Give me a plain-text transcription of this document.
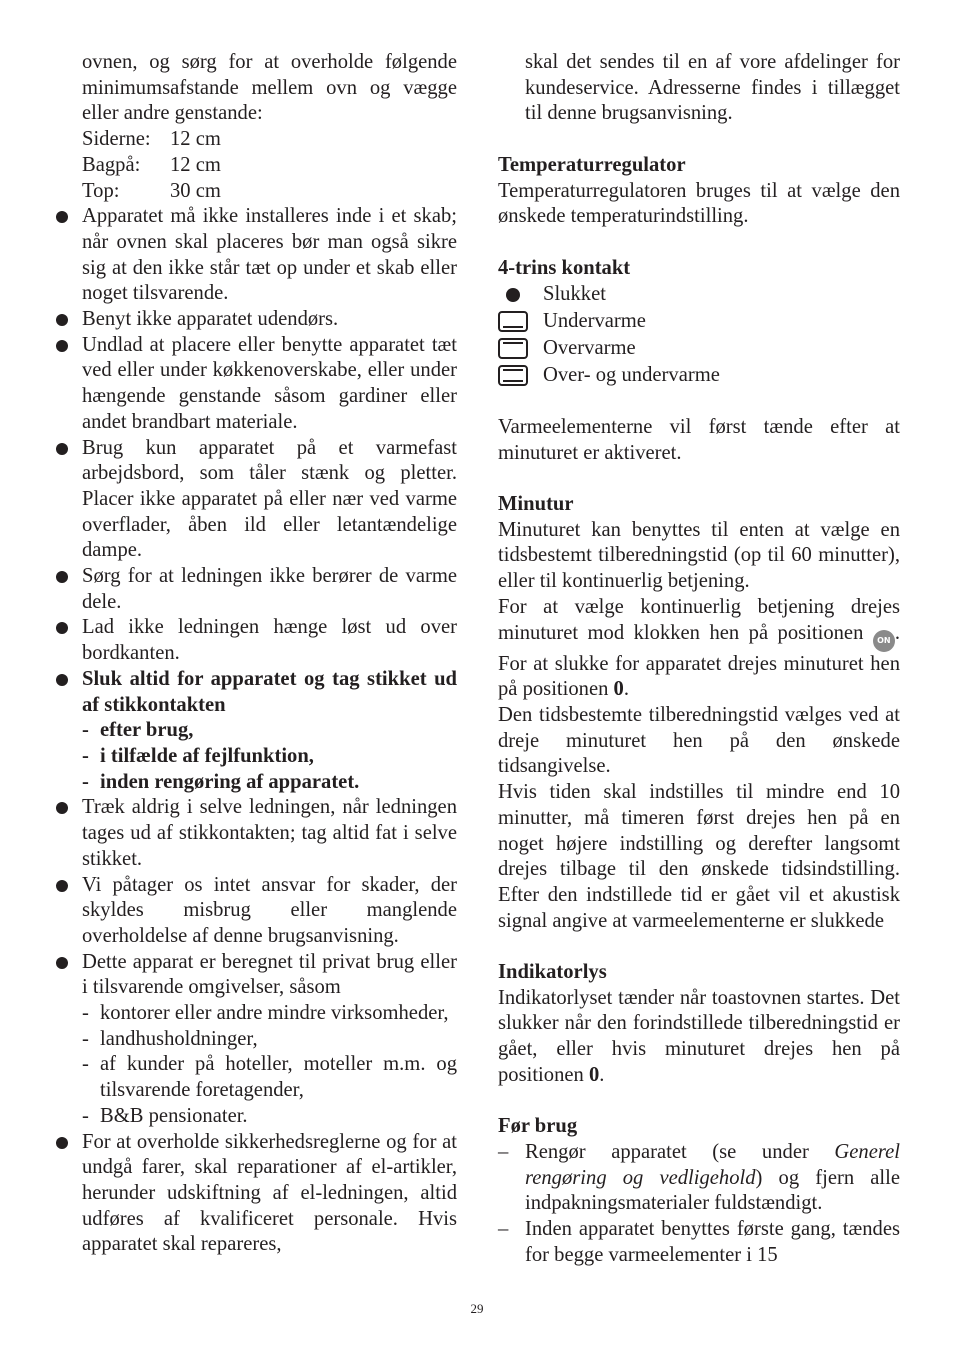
ovnen, og sørg for at overholde følgende minimumsafstande mellem ovn og vægge eller andre genstande:

Siderne: 12 cm
Bagpå:	12 cm
Top:	30 cm
Apparatet må ikke installeres inde i et skab; når ovnen skal placeres bør man også sikre sig at den ikke står tæt op under et skab eller noget tilsvarende.
Benyt ikke apparatet udendørs.
Undlad at placere eller benytte apparatet tæt ved eller under køkkenoverskabe, eller under hængende genstande såsom gardiner eller andet brandbart materiale.
Brug kun apparatet på et varmefast arbejdsbord, som tåler stænk og pletter. Placer ikke apparatet på eller nær ved varme overflader, åben ild eller letantændelige dampe.
Sørg for at ledningen ikke berører de varme dele.
Lad ikke ledningen hænge løst ud over bordkanten.
Sluk altid for apparatet og tag stikket ud af stikkontakten
- efter brug,
- i tilfælde af fejlfunktion,
- inden rengøring af apparatet.
Træk aldrig i selve ledningen, når ledningen tages ud af stikkontakten; tag altid fat i selve stikket.
Vi påtager os intet ansvar for skader, der skyldes misbrug eller manglende overholdelse af denne brugsanvisning.
Dette apparat er beregnet til privat brug eller i tilsvarende omgivelser, såsom
- kontorer eller andre mindre virksomheder,
- landhusholdninger,
- af kunder på hoteller, moteller m.m. og tilsvarende foretagender,
- B&B pensionater.
For at overholde sikkerhedsreglerne og for at undgå farer, skal reparationer af el-artikler, herunder udskiftning af el-ledningen, altid udføres af kvalificeret personale. Hvis apparatet skal repareres,

skal det sendes til en af vore afdelinger for kundeservice. Adresserne findes i tillægget til denne brugsanvisning.

Temperaturregulator

Temperaturregulatoren bruges til at vælge den ønskede temperaturindstilling.

4-trins kontakt

Slukket
Undervarme
Overvarme
Over- og undervarme

Varmeelementerne vil først tænde efter at minuturet er aktiveret.

Minutur

Minuturet kan benyttes til enten at vælge en tidsbestemt tilberedningstid (op til 60 minutter), eller til kontinuerlig betjening.

For at vælge kontinuerlig betjening drejes minuturet mod klokken hen på positionen ON . For at slukke for apparatet drejes minuturet hen på positionen 0.

Den tidsbestemte tilberedningstid vælges ved at dreje minuturet hen på den ønskede tidsangivelse.

Hvis tiden skal indstilles til mindre end 10 minutter, må timeren først drejes hen på en noget højere indstilling og derefter langsomt drejes tilbage til den ønskede tidsindstilling. Efter den indstillede tid er gået vil et akustisk signal angive at varmeelementerne er slukkede

Indikatorlys

Indikatorlyset tænder når toastovnen startes. Det slukker når den forindstillede tilberedningstid er gået, eller hvis minuturet drejes hen på positionen 0.

Før brug

– Rengør apparatet (se under Generel rengøring og vedligehold) og fjern alle indpakningsmaterialer fuldstændigt.
– Inden apparatet benyttes første gang, tændes for begge varmeelementer i 15
29
